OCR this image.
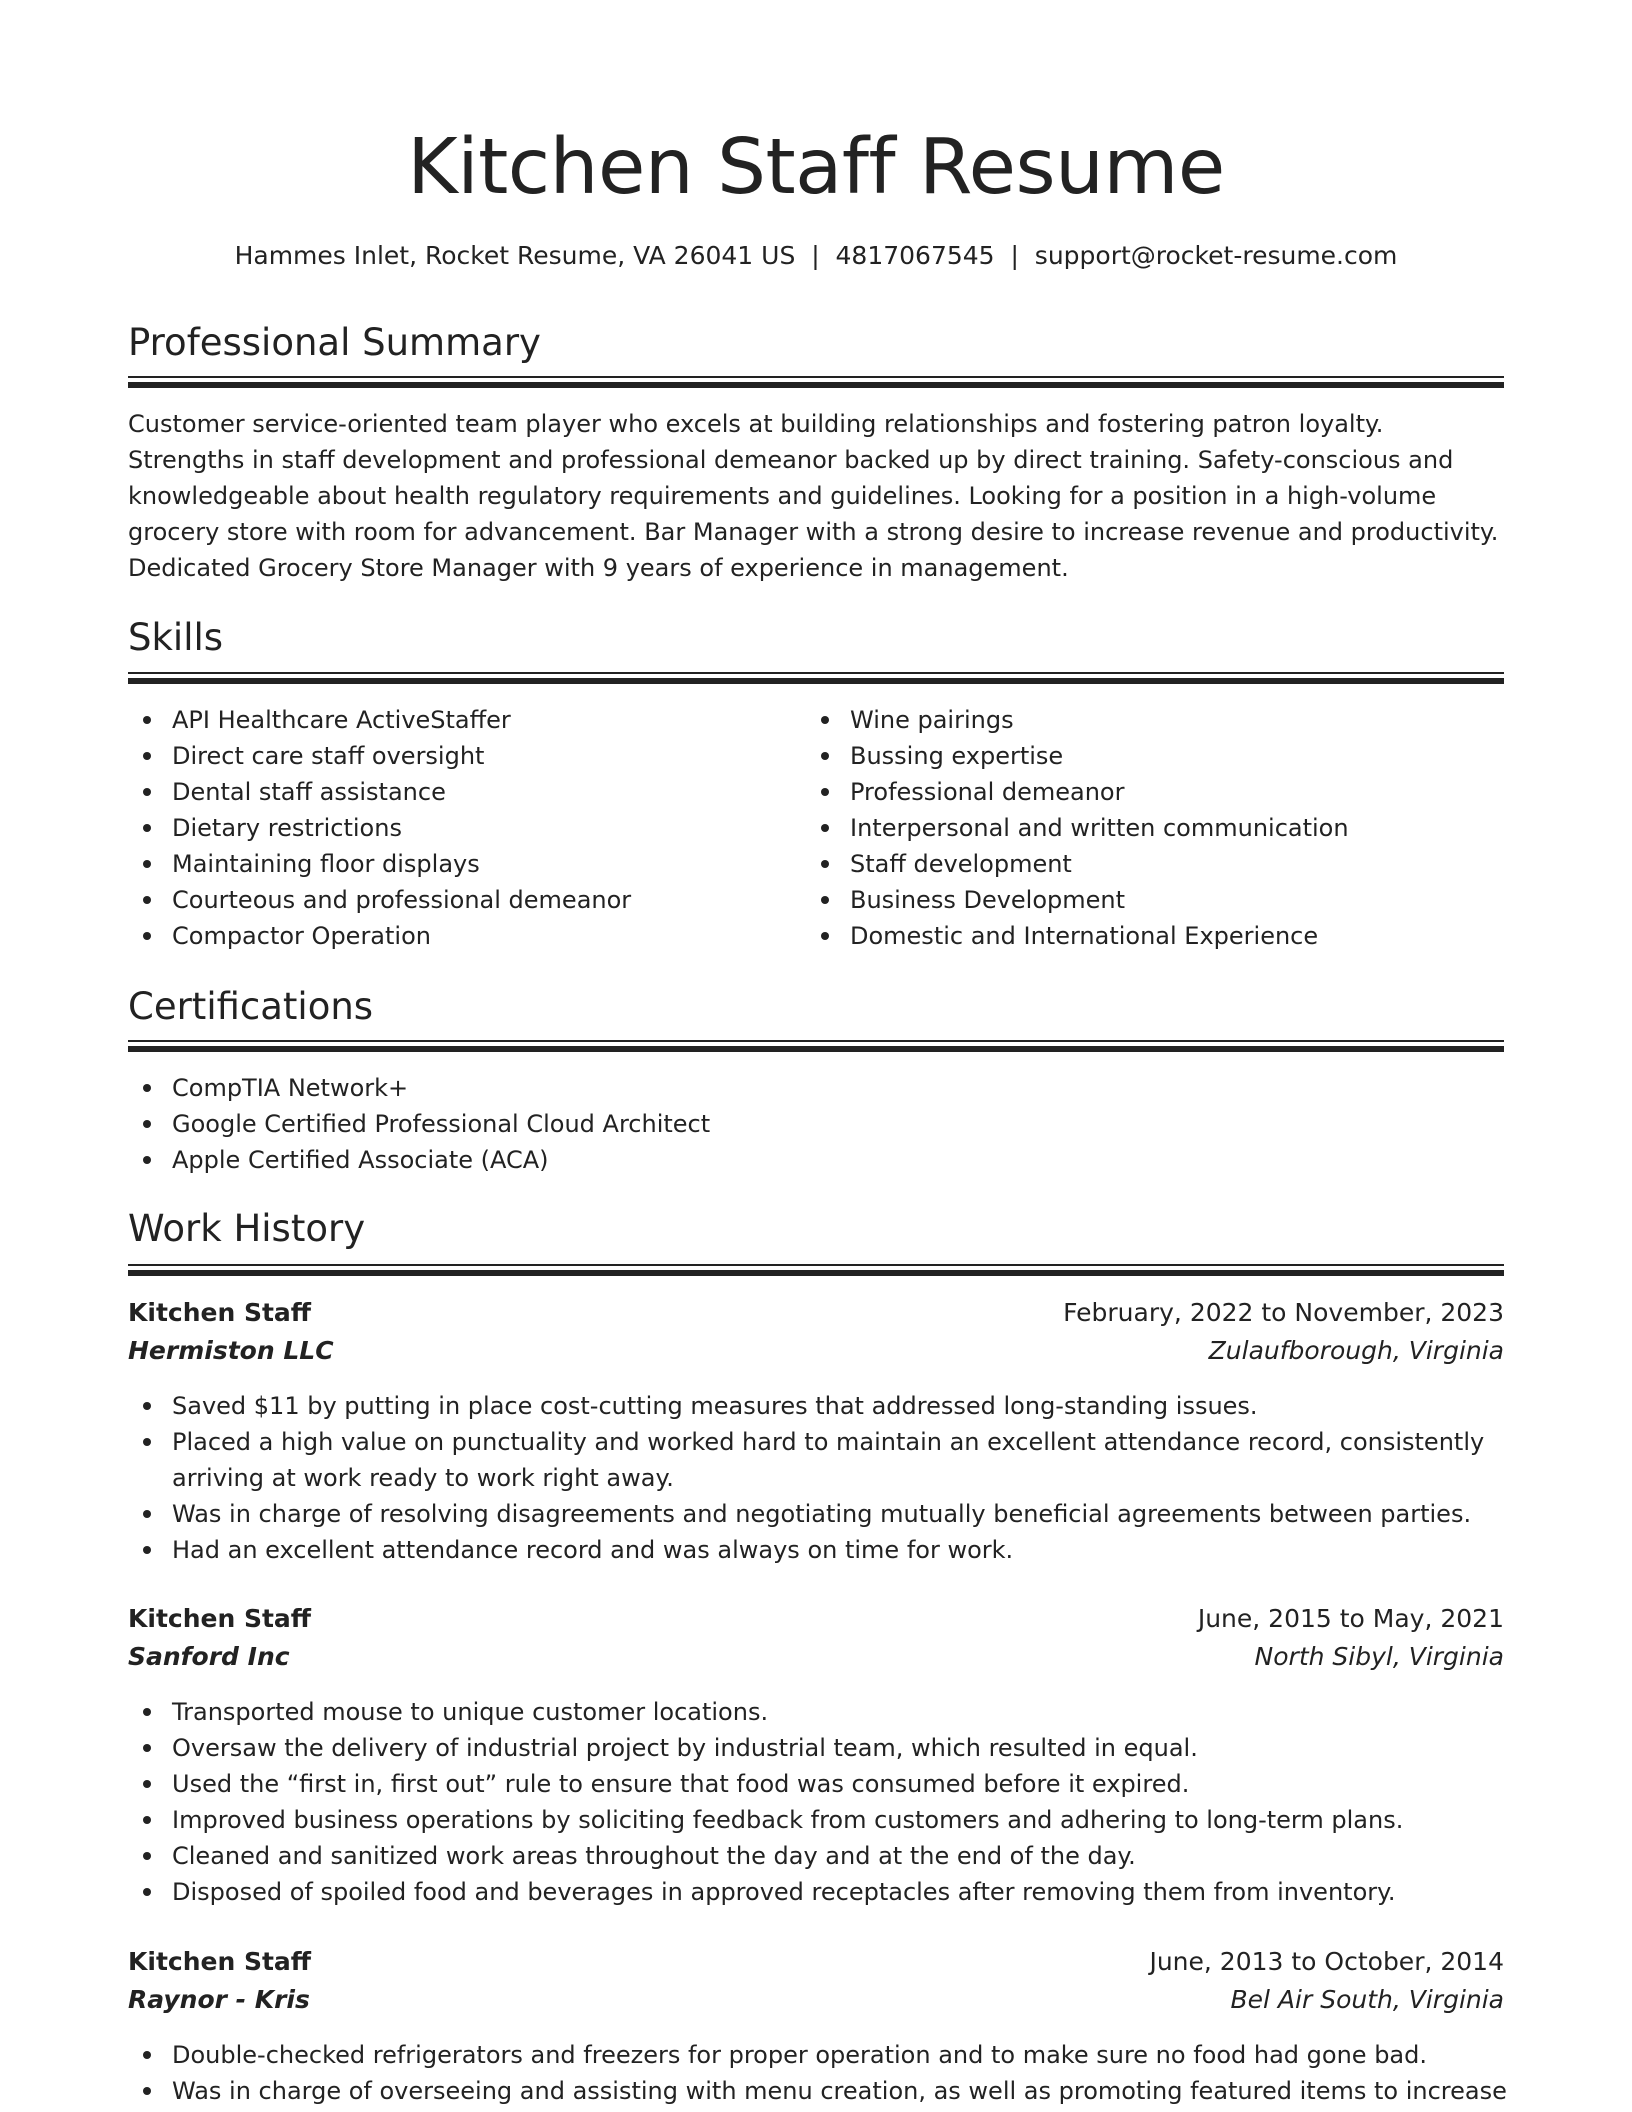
Kitchen Staff Resume
Hammes Inlet, Rocket Resume, VA 26041 US  |  4817067545  |  support@rocket-resume.com
Professional Summary
Customer service-oriented team player who excels at building relationships and fostering patron loyalty. Strengths in staff development and professional demeanor backed up by direct training. Safety-conscious and knowledgeable about health regulatory requirements and guidelines. Looking for a position in a high-volume grocery store with room for advancement. Bar Manager with a strong desire to increase revenue and productivity. Dedicated Grocery Store Manager with 9 years of experience in management.
Skills
API Healthcare ActiveStaffer
Direct care staff oversight
Dental staff assistance
Dietary restrictions
Maintaining floor displays
Courteous and professional demeanor
Compactor Operation
Wine pairings
Bussing expertise
Professional demeanor
Interpersonal and written communication
Staff development
Business Development
Domestic and International Experience
Certifications
CompTIA Network+
Google Certified Professional Cloud Architect
Apple Certified Associate (ACA)
Work History
Kitchen Staff	February, 2022 to November, 2023
Hermiston LLC	Zulaufborough, Virginia
Saved $11 by putting in place cost-cutting measures that addressed long-standing issues.
Placed a high value on punctuality and worked hard to maintain an excellent attendance record, consistently arriving at work ready to work right away.
Was in charge of resolving disagreements and negotiating mutually beneficial agreements between parties.
Had an excellent attendance record and was always on time for work.
Kitchen Staff	June, 2015 to May, 2021
Sanford Inc	North Sibyl, Virginia
Transported mouse to unique customer locations.
Oversaw the delivery of industrial project by industrial team, which resulted in equal.
Used the “first in, first out” rule to ensure that food was consumed before it expired.
Improved business operations by soliciting feedback from customers and adhering to long-term plans.
Cleaned and sanitized work areas throughout the day and at the end of the day.
Disposed of spoiled food and beverages in approved receptacles after removing them from inventory.
Kitchen Staff	June, 2013 to October, 2014
Raynor - Kris	Bel Air South, Virginia
Double-checked refrigerators and freezers for proper operation and to make sure no food had gone bad.
Was in charge of overseeing and assisting with menu creation, as well as promoting featured items to increase
